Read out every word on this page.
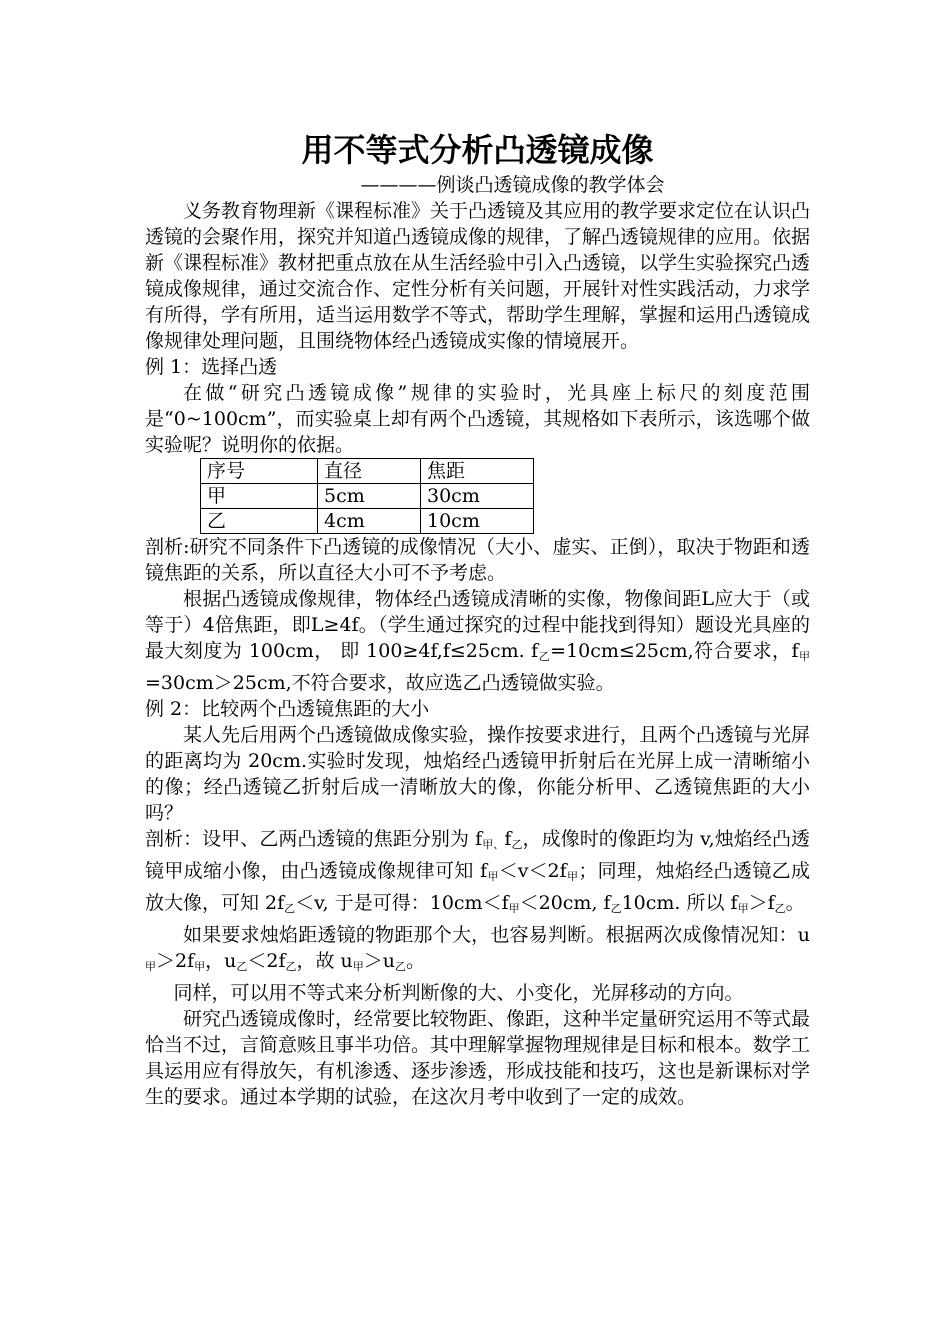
用不等式分析凸透镜成像
————例谈凸透镜成像的教学体会

义务教育物理新《课程标准》关于凸透镜及其应用的教学要求定位在认识凸透镜的会聚作用，探究并知道凸透镜成像的规律，了解凸透镜规律的应用。依据新《课程标准》教材把重点放在从生活经验中引入凸透镜，以学生实验探究凸透镜成像规律，通过交流合作、定性分析有关问题，开展针对性实践活动，力求学有所得，学有所用，适当运用数学不等式，帮助学生理解，掌握和运用凸透镜成像规律处理问题，且围绕物体经凸透镜成实像的情境展开。

例 1：选择凸透

在做“研究凸透镜成像”规律的实验时，光具座上标尺的刻度范围是“0~100cm”，而实验桌上却有两个凸透镜，其规格如下表所示，该选哪个做实验呢？说明你的依据。

序号	直径	焦距
甲	5cm	30cm
乙	4cm	10cm

剖析:研究不同条件下凸透镜的成像情况（大小、虚实、正倒），取决于物距和透镜焦距的关系，所以直径大小可不予考虑。

根据凸透镜成像规律，物体经凸透镜成清晰的实像，物像间距L应大于（或等于）4倍焦距，即L≥4f。（学生通过探究的过程中能找到得知）题设光具座的最大刻度为 100cm， 即 100≥4f,f≤25cm. $f_乙=10cm\le 25cm$,符合要求，$f_甲=30cm>25cm$,不符合要求，故应选乙凸透镜做实验。

例 2：比较两个凸透镜焦距的大小

某人先后用两个凸透镜做成像实验，操作按要求进行，且两个凸透镜与光屏的距离均为 20cm.实验时发现，烛焰经凸透镜甲折射后在光屏上成一清晰缩小的像；经凸透镜乙折射后成一清晰放大的像，你能分析甲、乙透镜焦距的大小吗？

剖析：设甲、乙两凸透镜的焦距分别为 $f_{甲、}f_乙$，成像时的像距均为 v,烛焰经凸透镜甲成缩小像，由凸透镜成像规律可知 $f_甲<v<2f_甲$；同理，烛焰经凸透镜乙成放大像，可知 $2f_乙<v$, 于是可得：$10cm<f_甲<20cm$, $f_乙10cm$. 所以 $f_甲>f_乙$。

如果要求烛焰距透镜的物距那个大，也容易判断。根据两次成像情况知：$u_甲>2f_甲$，$u_乙<2f_乙$，故 $u_甲>u_乙$。

同样，可以用不等式来分析判断像的大、小变化，光屏移动的方向。

研究凸透镜成像时，经常要比较物距、像距，这种半定量研究运用不等式最恰当不过，言简意赅且事半功倍。其中理解掌握物理规律是目标和根本。数学工具运用应有得放矢，有机渗透、逐步渗透，形成技能和技巧，这也是新课标对学生的要求。通过本学期的试验，在这次月考中收到了一定的成效。
